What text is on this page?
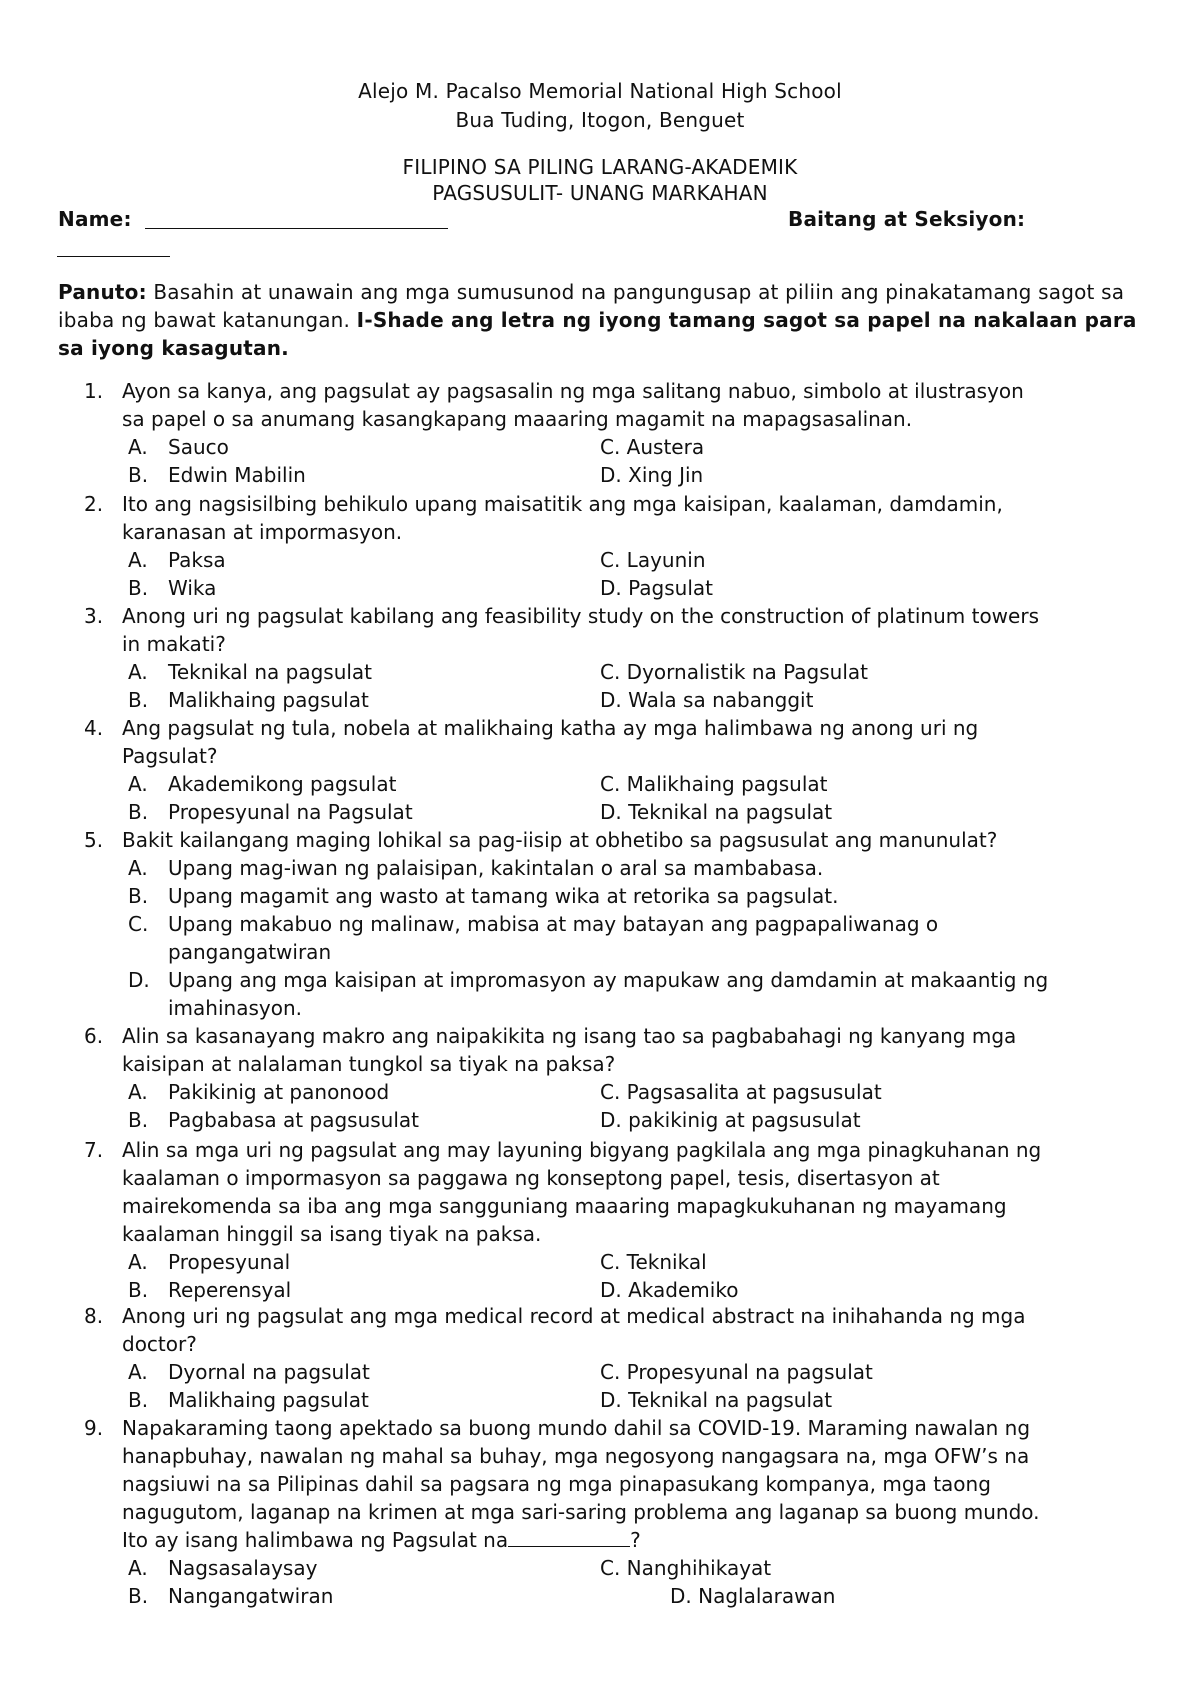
Alejo M. Pacalso Memorial National High School
Bua Tuding, Itogon, Benguet
FILIPINO SA PILING LARANG-AKADEMIK
PAGSUSULIT- UNANG MARKAHAN
Name:	Baitang at Seksiyon:
Panuto: Basahin at unawain ang mga sumusunod na pangungusap at piliin ang pinakatamang sagot sa ibaba ng bawat katanungan. I-Shade ang letra ng iyong tamang sagot sa papel na nakalaan para sa iyong kasagutan.
1. Ayon sa kanya, ang pagsulat ay pagsasalin ng mga salitang nabuo, simbolo at ilustrasyon
sa papel o sa anumang kasangkapang maaaring magamit na mapagsasalinan.
A. Sauco	C. Austera
B. Edwin Mabilin	D. Xing Jin
2. Ito ang nagsisilbing behikulo upang maisatitik ang mga kaisipan, kaalaman, damdamin,
karanasan at impormasyon.
A. Paksa	C. Layunin
B. Wika	D. Pagsulat
3. Anong uri ng pagsulat kabilang ang feasibility study on the construction of platinum towers
in makati?
A. Teknikal na pagsulat	C. Dyornalistik na Pagsulat
B. Malikhaing pagsulat	D. Wala sa nabanggit
4. Ang pagsulat ng tula, nobela at malikhaing katha ay mga halimbawa ng anong uri ng
Pagsulat?
A. Akademikong pagsulat	C. Malikhaing pagsulat
B. Propesyunal na Pagsulat	D. Teknikal na pagsulat
5. Bakit kailangang maging lohikal sa pag-iisip at obhetibo sa pagsusulat ang manunulat?
A.	Upang mag-iwan ng palaisipan, kakintalan o aral sa mambabasa.
B. Upang magamit ang wasto at tamang wika at retorika sa pagsulat.
C. Upang makabuo ng malinaw, mabisa at may batayan ang pagpapaliwanag o
pangangatwiran
D. Upang ang mga kaisipan at impromasyon ay mapukaw ang damdamin at makaantig ng
imahinasyon.
6. Alin sa kasanayang makro ang naipakikita ng isang tao sa pagbabahagi ng kanyang mga
kaisipan at nalalaman tungkol sa tiyak na paksa?
A. Pakikinig at panonood	C. Pagsasalita at pagsusulat
B. Pagbabasa at pagsusulat	D. pakikinig at pagsusulat
7. Alin sa mga uri ng pagsulat ang may layuning bigyang pagkilala ang mga pinagkuhanan ng
kaalaman o impormasyon sa paggawa ng konseptong papel, tesis, disertasyon at
mairekomenda sa iba ang mga sangguniang maaaring mapagkukuhanan ng mayamang
kaalaman hinggil sa isang tiyak na paksa.
A. Propesyunal	C. Teknikal
B. Reperensyal	D. Akademiko
8. Anong uri ng pagsulat ang mga medical record at medical abstract na inihahanda ng mga
doctor?
A. Dyornal na pagsulat	C. Propesyunal na pagsulat
B. Malikhaing pagsulat	D. Teknikal na pagsulat
9. Napakaraming taong apektado sa buong mundo dahil sa COVID-19. Maraming nawalan ng
hanapbuhay, nawalan ng mahal sa buhay, mga negosyong nangagsara na, mga OFW’s na
nagsiuwi na sa Pilipinas dahil sa pagsara ng mga pinapasukang kompanya, mga taong
nagugutom, laganap na krimen at mga sari-saring problema ang laganap sa buong mundo.
Ito ay isang halimbawa ng Pagsulat na	?
A. Nagsasalaysay	C. Nanghihikayat
B. Nangangatwiran	D. Naglalarawan
